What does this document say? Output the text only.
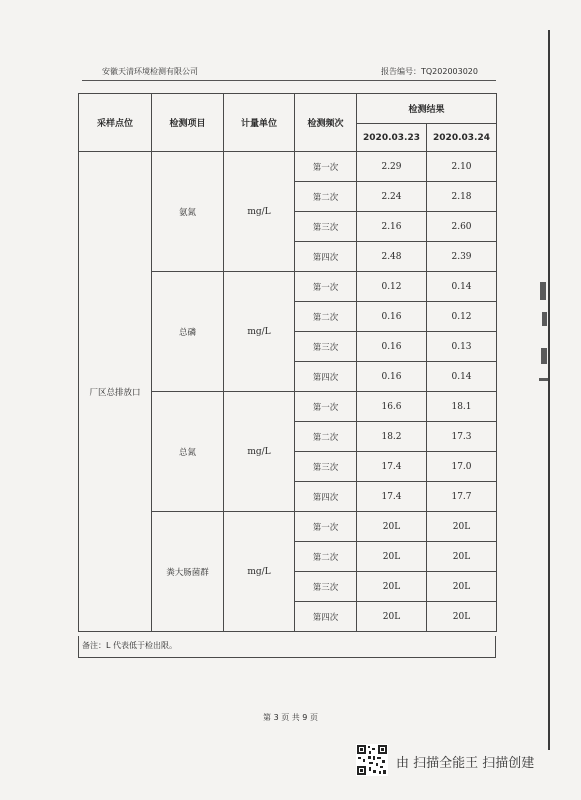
安徽天清环境检测有限公司	报告编号：TQ202003020
采样点位	检测项目	计量单位	检测频次	检测结果	
				2020.03.23	2020.03.24
厂区总排放口	氨氮	mg/L	第一次	2.29	2.10
			第二次	2.24	2.18
			第三次	2.16	2.60
			第四次	2.48	2.39
	总磷	mg/L	第一次	0.12	0.14
			第二次	0.16	0.12
			第三次	0.16	0.13
			第四次	0.16	0.14
	总氮	mg/L	第一次	16.6	18.1
			第二次	18.2	17.3
			第三次	17.4	17.0
			第四次	17.4	17.7
	粪大肠菌群	mg/L	第一次	20L	20L
			第二次	20L	20L
			第三次	20L	20L
			第四次	20L	20L
备注：L 代表低于检出限。
第 3 页 共 9 页
由 扫描全能王 扫描创建
